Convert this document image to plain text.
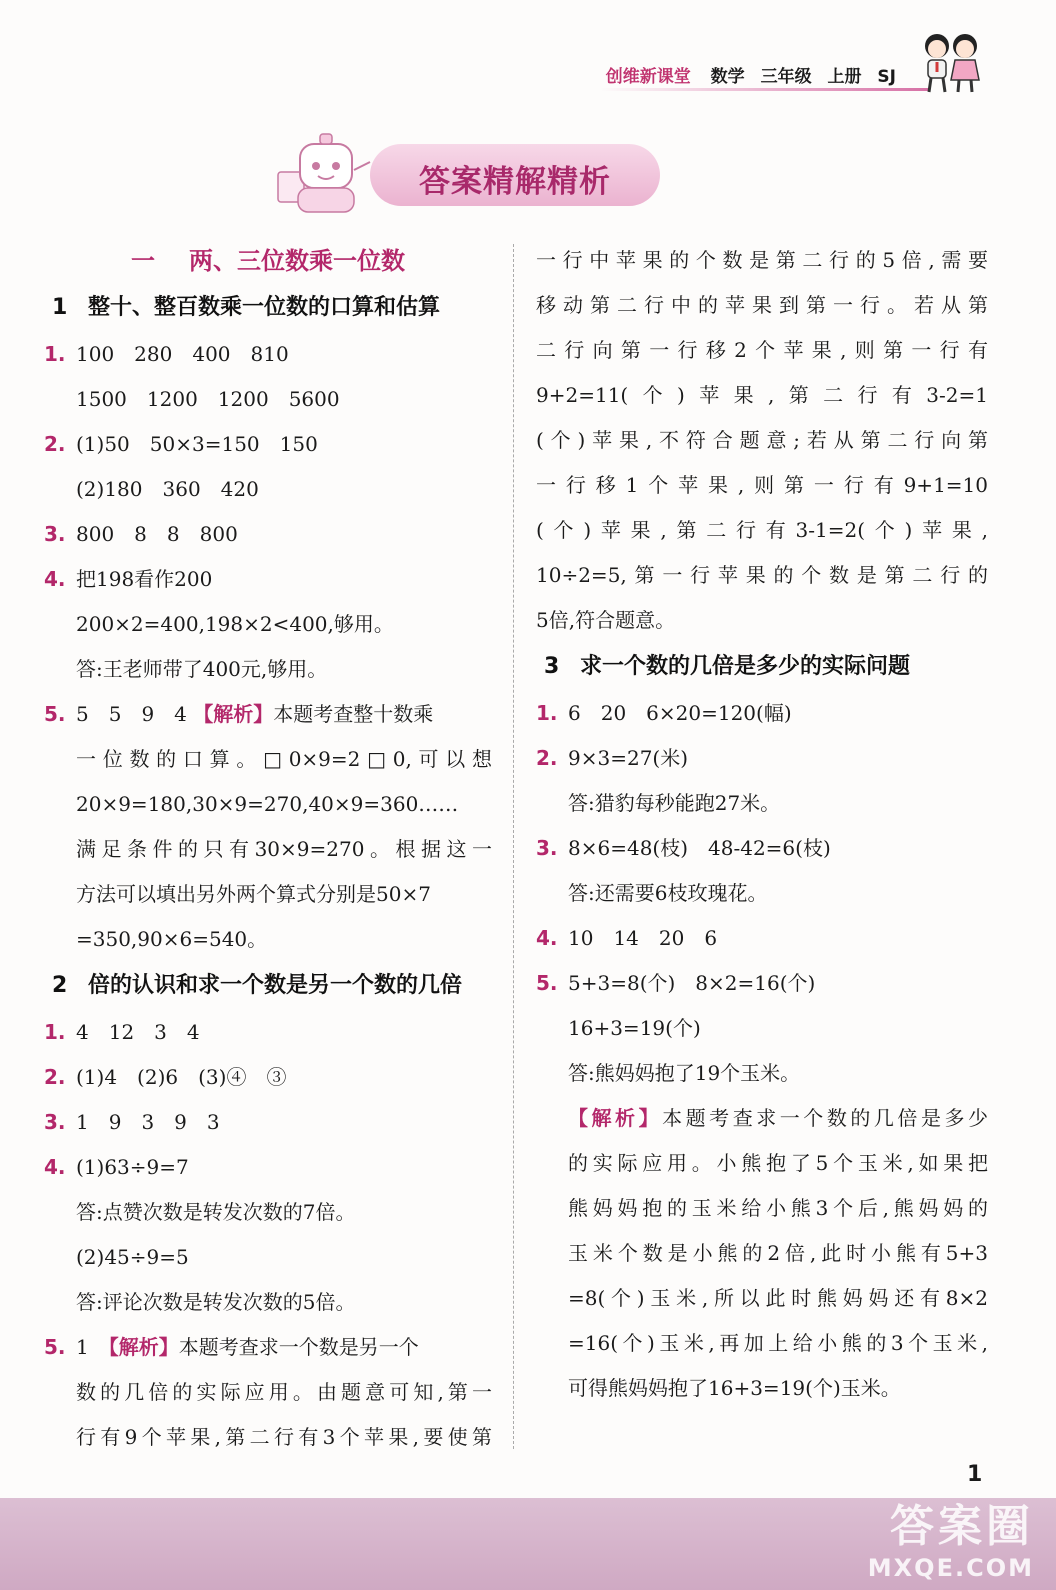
创维新课堂 数学 三年级 上册 SJ
答案精解精析
一 两、三位数乘一位数
1 整十、整百数乘一位数的口算和估算
1. 100　280　400　810
1500　1200　1200　5600
2. (1)50　50×3=150　150
(2)180　360　420
3. 800　8　8　800
4. 把198看作200
200×2=400,198×2<400,够用。
答:王老师带了400元,够用。
5. 5　5　9　4 【解析】本题考查整十数乘
一位数的口算。□0×9=2□0,可以想
20×9=180,30×9=270,40×9=360……
满足条件的只有30×9=270。根据这一
方法可以填出另外两个算式分别是50×7
=350,90×6=540。
2 倍的认识和求一个数是另一个数的几倍
1. 4　12　3　4
2. (1)4　(2)6　(3)④　③
3. 1　9　3　9　3
4. (1)63÷9=7
答:点赞次数是转发次数的7倍。
(2)45÷9=5
答:评论次数是转发次数的5倍。
5. 1　 【解析】本题考查求一个数是另一个
数的几倍的实际应用。由题意可知,第一
行有9个苹果,第二行有3个苹果,要使第
一行中苹果的个数是第二行的5倍,需要
移动第二行中的苹果到第一行。若从第
二行向第一行移2个苹果,则第一行有
9+2=11(个)苹果,第二行有3-2=1
(个)苹果,不符合题意;若从第二行向第
一行移1个苹果,则第一行有9+1=10
(个)苹果,第二行有3-1=2(个)苹果,
10÷2=5,第一行苹果的个数是第二行的
5倍,符合题意。
3 求一个数的几倍是多少的实际问题
1. 6　20　6×20=120(幅)
2. 9×3=27(米)
答:猎豹每秒能跑27米。
3. 8×6=48(枝)　48-42=6(枝)
答:还需要6枝玫瑰花。
4. 10　14　20　6
5. 5+3=8(个)　8×2=16(个)
16+3=19(个)
答:熊妈妈抱了19个玉米。
【解析】本题考查求一个数的几倍是多少
的实际应用。小熊抱了5个玉米,如果把
熊妈妈抱的玉米给小熊3个后,熊妈妈的
玉米个数是小熊的2倍,此时小熊有5+3
=8(个)玉米,所以此时熊妈妈还有8×2
=16(个)玉米,再加上给小熊的3个玉米,
可得熊妈妈抱了16+3=19(个)玉米。
1
答案圈
MXQE.COM
